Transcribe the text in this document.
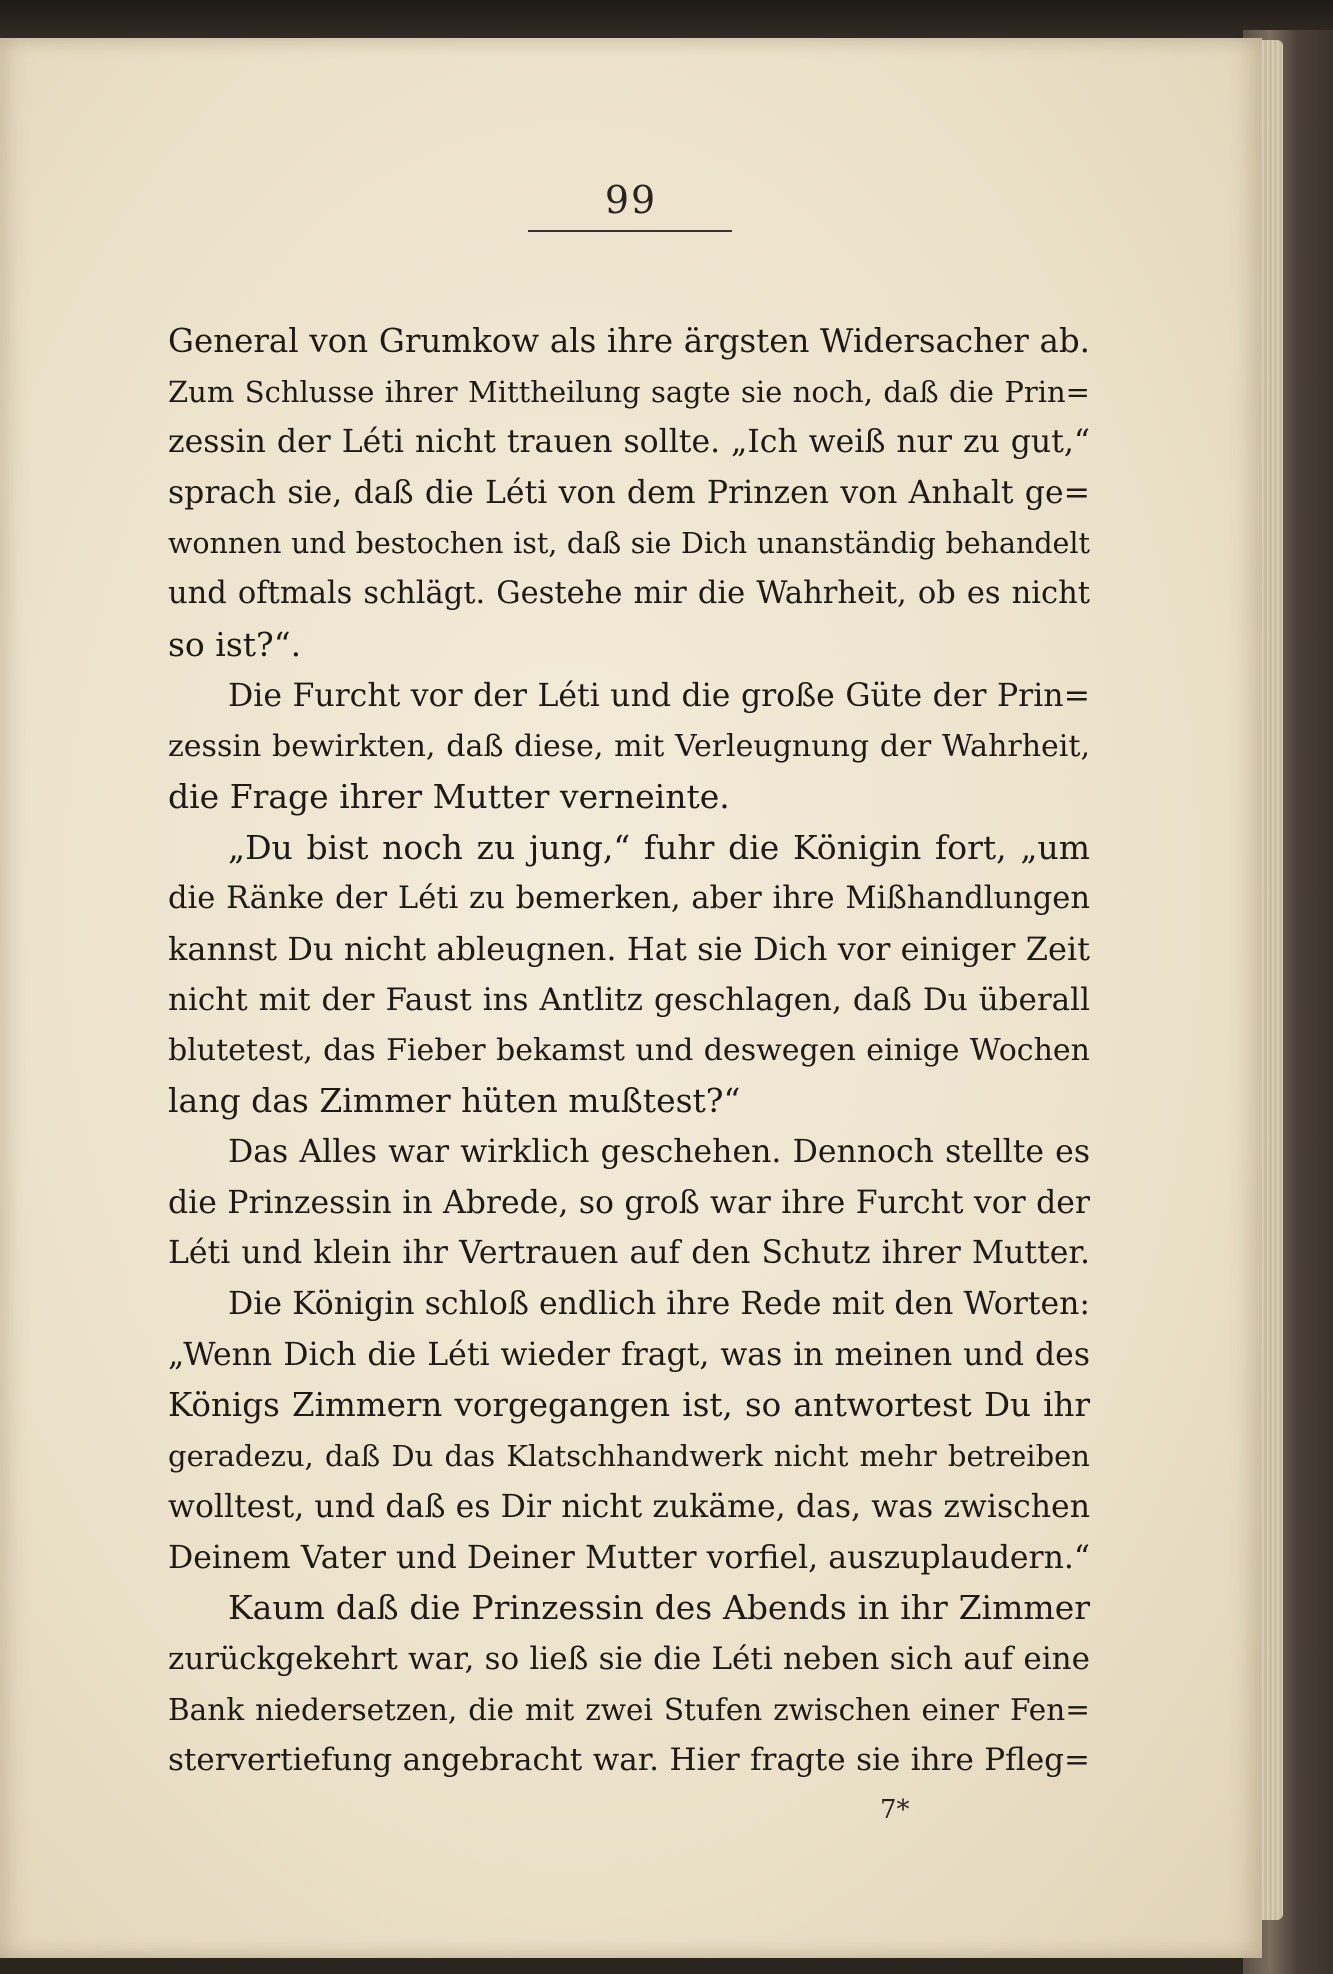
99
General von Grumkow als ihre ärgsten Widersacher ab.
Zum Schlusse ihrer Mittheilung sagte sie noch, daß die Prin=
zessin der Léti nicht trauen sollte. „Ich weiß nur zu gut,“
sprach sie, daß die Léti von dem Prinzen von Anhalt ge=
wonnen und bestochen ist, daß sie Dich unanständig behandelt
und oftmals schlägt. Gestehe mir die Wahrheit, ob es nicht
so ist?“.
Die Furcht vor der Léti und die große Güte der Prin=
zessin bewirkten, daß diese, mit Verleugnung der Wahrheit,
die Frage ihrer Mutter verneinte.
„Du bist noch zu jung,“ fuhr die Königin fort, „um
die Ränke der Léti zu bemerken, aber ihre Mißhandlungen
kannst Du nicht ableugnen. Hat sie Dich vor einiger Zeit
nicht mit der Faust ins Antlitz geschlagen, daß Du überall
blutetest, das Fieber bekamst und deswegen einige Wochen
lang das Zimmer hüten mußtest?“
Das Alles war wirklich geschehen. Dennoch stellte es
die Prinzessin in Abrede, so groß war ihre Furcht vor der
Léti und klein ihr Vertrauen auf den Schutz ihrer Mutter.
Die Königin schloß endlich ihre Rede mit den Worten:
„Wenn Dich die Léti wieder fragt, was in meinen und des
Königs Zimmern vorgegangen ist, so antwortest Du ihr
geradezu, daß Du das Klatschhandwerk nicht mehr betreiben
wolltest, und daß es Dir nicht zukäme, das, was zwischen
Deinem Vater und Deiner Mutter vorfiel, auszuplaudern.“
Kaum daß die Prinzessin des Abends in ihr Zimmer
zurückgekehrt war, so ließ sie die Léti neben sich auf eine
Bank niedersetzen, die mit zwei Stufen zwischen einer Fen=
stervertiefung angebracht war. Hier fragte sie ihre Pfleg=
7*
